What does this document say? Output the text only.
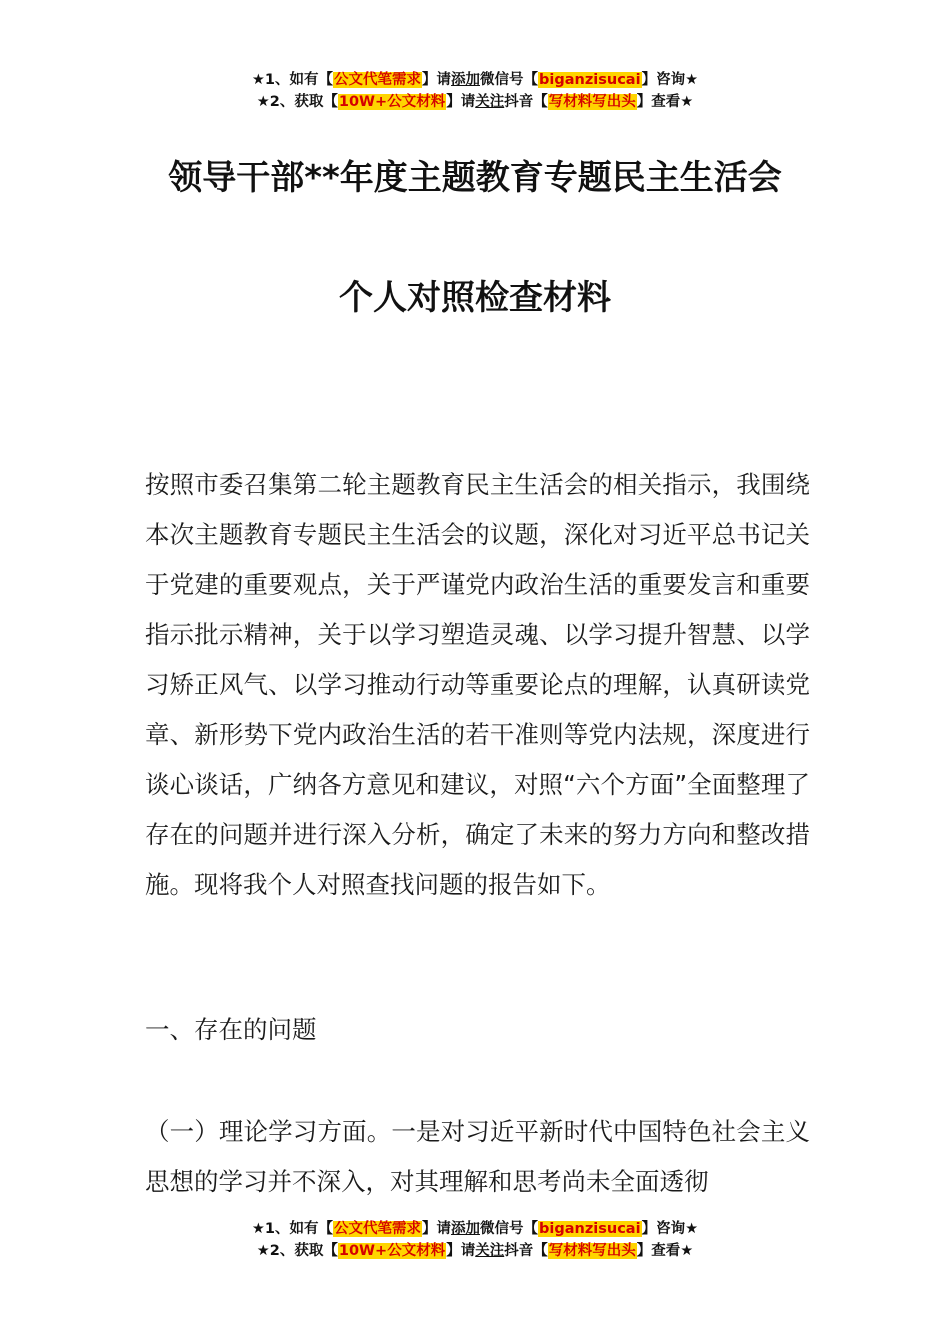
★1、如有【公文代笔需求】请添加微信号【biganzisucai】咨询★
★2、获取【10W+公文材料】请关注抖音【写材料写出头】查看★
领导干部**年度主题教育专题民主生活会
个人对照检查材料

按照市委召集第二轮主题教育民主生活会的相关指示，我围绕本次主题教育专题民主生活会的议题，深化对习近平总书记关于党建的重要观点，关于严谨党内政治生活的重要发言和重要指示批示精神，关于以学习塑造灵魂、以学习提升智慧、以学习矫正风气、以学习推动行动等重要论点的理解，认真研读党章、新形势下党内政治生活的若干准则等党内法规，深度进行谈心谈话，广纳各方意见和建议，对照“六个方面”全面整理了存在的问题并进行深入分析，确定了未来的努力方向和整改措施。现将我个人对照查找问题的报告如下。

一、存在的问题

（一）理论学习方面。一是对习近平新时代中国特色社会主义思想的学习并不深入，对其理解和思考尚未全面透彻

★1、如有【公文代笔需求】请添加微信号【biganzisucai】咨询★
★2、获取【10W+公文材料】请关注抖音【写材料写出头】查看★
